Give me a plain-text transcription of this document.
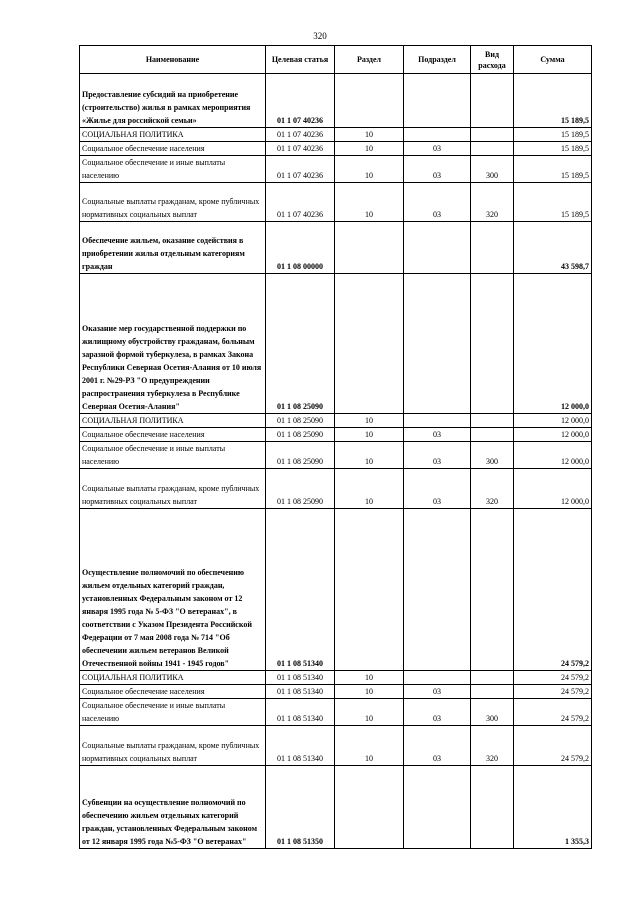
320
Наименование	Целевая статья	Раздел	Подраздел	Вид расхода	Сумма
Предоставление субсидий на приобретение (строительство) жилья в рамках мероприятия «Жилье для российской семьи»	01 1 07 40236				15 189,5
СОЦИАЛЬНАЯ ПОЛИТИКА	01 1 07 40236	10			15 189,5
Социальное обеспечение населения	01 1 07 40236	10	03		15 189,5
Социальное обеспечение и иные выплаты населению	01 1 07 40236	10	03	300	15 189,5
Социальные выплаты гражданам, кроме публичных нормативных социальных выплат	01 1 07 40236	10	03	320	15 189,5
Обеспечение жильем, оказание содействия в приобретении жилья отдельным категориям граждан	01 1 08 00000				43 598,7
Оказание мер государственной поддержки по жилищному обустройству гражданам, больным заразной формой туберкулеза, в рамках Закона Республики Северная Осетия-Алания от 10 июля 2001 г. №29-РЗ "О предупреждении распространения туберкулеза в Республике Северная Осетия-Алания"	01 1 08 25090				12 000,0
СОЦИАЛЬНАЯ ПОЛИТИКА	01 1 08 25090	10			12 000,0
Социальное обеспечение населения	01 1 08 25090	10	03		12 000,0
Социальное обеспечение и иные выплаты населению	01 1 08 25090	10	03	300	12 000,0
Социальные выплаты гражданам, кроме публичных нормативных социальных выплат	01 1 08 25090	10	03	320	12 000,0
Осуществление полномочий по обеспечению жильем отдельных категорий граждан, установленных Федеральным законом от 12 января 1995 года № 5-ФЗ "О ветеранах", в соответствии с Указом Президента Российской Федерации от 7 мая 2008 года № 714 "Об обеспечении жильем ветеранов Великой Отечественной войны 1941 - 1945 годов"	01 1 08 51340				24 579,2
СОЦИАЛЬНАЯ ПОЛИТИКА	01 1 08 51340	10			24 579,2
Социальное обеспечение населения	01 1 08 51340	10	03		24 579,2
Социальное обеспечение и иные выплаты населению	01 1 08 51340	10	03	300	24 579,2
Социальные выплаты гражданам, кроме публичных нормативных социальных выплат	01 1 08 51340	10	03	320	24 579,2
Субвенции на осуществление полномочий по обеспечению жильем отдельных категорий граждан, установленных Федеральным законом от 12 января 1995 года №5-ФЗ "О ветеранах"	01 1 08 51350				1 355,3
